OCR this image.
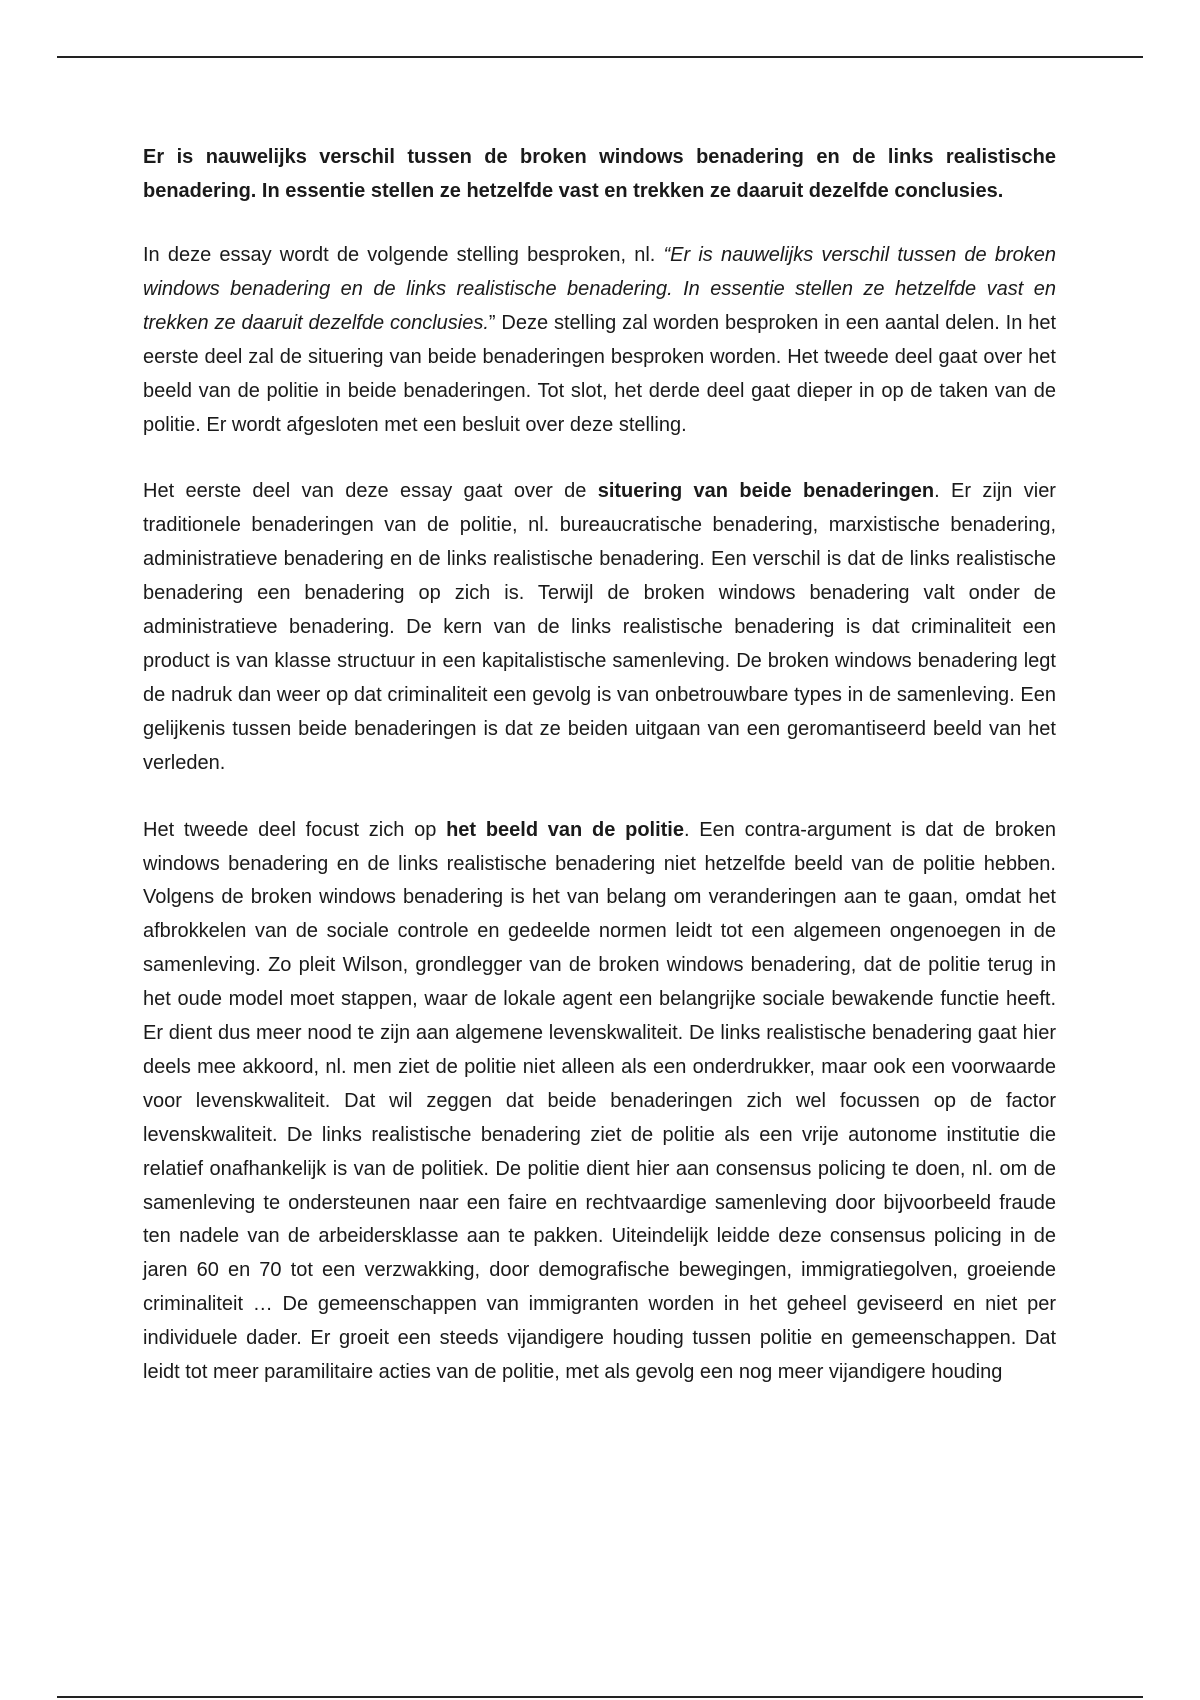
Er is nauwelijks verschil tussen de broken windows benadering en de links realistische benadering. In essentie stellen ze hetzelfde vast en trekken ze daaruit dezelfde conclusies.

In deze essay wordt de volgende stelling besproken, nl. “Er is nauwelijks verschil tussen de broken windows benadering en de links realistische benadering. In essentie stellen ze hetzelfde vast en trekken ze daaruit dezelfde conclusies.” Deze stelling zal worden besproken in een aantal delen. In het eerste deel zal de situering van beide benaderingen besproken worden. Het tweede deel gaat over het beeld van de politie in beide benaderingen. Tot slot, het derde deel gaat dieper in op de taken van de politie. Er wordt afgesloten met een besluit over deze stelling.

Het eerste deel van deze essay gaat over de situering van beide benaderingen. Er zijn vier traditionele benaderingen van de politie, nl. bureaucratische benadering, marxistische benadering, administratieve benadering en de links realistische benadering. Een verschil is dat de links realistische benadering een benadering op zich is. Terwijl de broken windows benadering valt onder de administratieve benadering. De kern van de links realistische benadering is dat criminaliteit een product is van klasse structuur in een kapitalistische samenleving. De broken windows benadering legt de nadruk dan weer op dat criminaliteit een gevolg is van onbetrouwbare types in de samenleving. Een gelijkenis tussen beide benaderingen is dat ze beiden uitgaan van een geromantiseerd beeld van het verleden.

Het tweede deel focust zich op het beeld van de politie. Een contra-argument is dat de broken windows benadering en de links realistische benadering niet hetzelfde beeld van de politie hebben. Volgens de broken windows benadering is het van belang om veranderingen aan te gaan, omdat het afbrokkelen van de sociale controle en gedeelde normen leidt tot een algemeen ongenoegen in de samenleving. Zo pleit Wilson, grondlegger van de broken windows benadering, dat de politie terug in het oude model moet stappen, waar de lokale agent een belangrijke sociale bewakende functie heeft. Er dient dus meer nood te zijn aan algemene levenskwaliteit. De links realistische benadering gaat hier deels mee akkoord, nl. men ziet de politie niet alleen als een onderdrukker, maar ook een voorwaarde voor levenskwaliteit. Dat wil zeggen dat beide benaderingen zich wel focussen op de factor levenskwaliteit. De links realistische benadering ziet de politie als een vrije autonome institutie die relatief onafhankelijk is van de politiek. De politie dient hier aan consensus policing te doen, nl. om de samenleving te ondersteunen naar een faire en rechtvaardige samenleving door bijvoorbeeld fraude ten nadele van de arbeidersklasse aan te pakken. Uiteindelijk leidde deze consensus policing in de jaren 60 en 70 tot een verzwakking, door demografische bewegingen, immigratiegolven, groeiende criminaliteit … De gemeenschappen van immigranten worden in het geheel geviseerd en niet per individuele dader. Er groeit een steeds vijandigere houding tussen politie en gemeenschappen. Dat leidt tot meer paramilitaire acties van de politie, met als gevolg een nog meer vijandigere houding
